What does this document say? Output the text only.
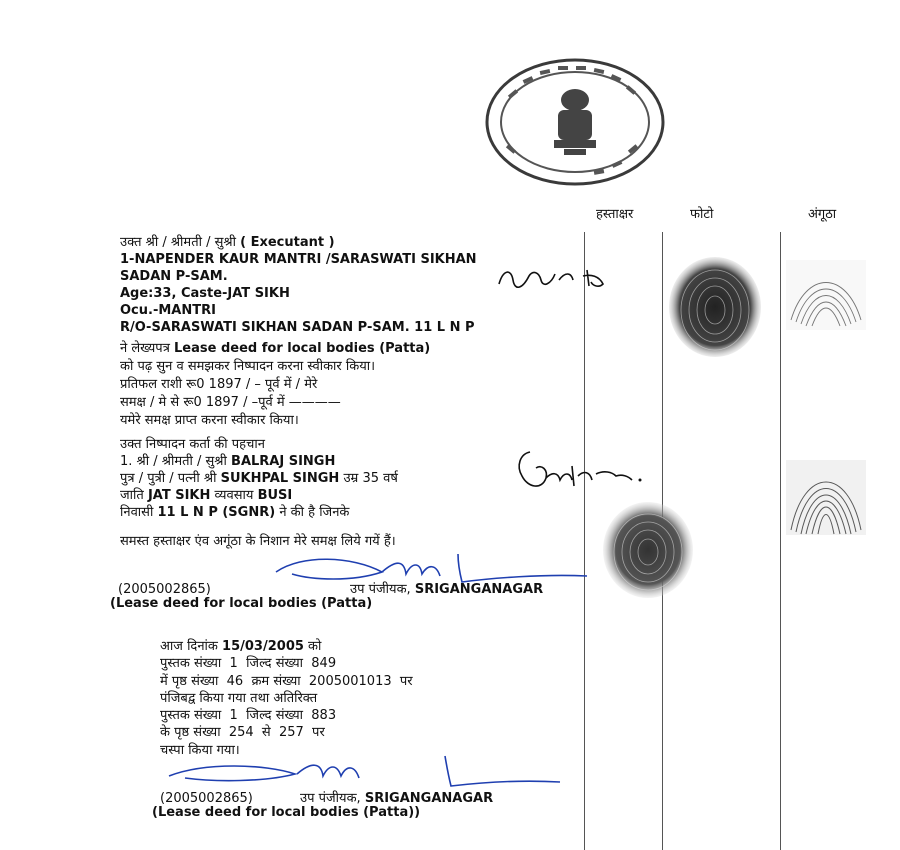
हस्ताक्षर	फोटो	अंगूठा
उक्त श्री / श्रीमती / सुश्री ( Executant )
1-NAPENDER KAUR MANTRI /SARASWATI SIKHAN
SADAN P-SAM.
Age:33, Caste-JAT SIKH
Ocu.-MANTRI
R/O-SARASWATI SIKHAN SADAN P-SAM. 11 L N P
ने लेख्यपत्र Lease deed for local bodies (Patta)
को पढ़ सुन व समझकर निष्पादन करना स्वीकार किया।
प्रतिफल राशी रू0 1897 / – पूर्व में / मेरे
समक्ष / मे से रू0 1897 / –पूर्व में ————
यमेरे समक्ष प्राप्त करना स्वीकार किया।
उक्त निष्पादन कर्ता की पहचान
1. श्री / श्रीमती / सुश्री BALRAJ SINGH
पुत्र / पुत्री / पत्नी श्री SUKHPAL SINGH उम्र 35 वर्ष
जाति JAT SIKH व्यवसाय BUSI
निवासी 11 L N P (SGNR) ने की है जिनके
समस्त हस्ताक्षर एंव अगूंठा के निशान मेरे समक्ष लिये गयें हैं।
(2005002865)	उप पंजीयक, SRIGANGANAGAR
(Lease deed for local bodies (Patta)
आज दिनांक 15/03/2005 को
पुस्तक संख्या  1  जिल्द संख्या  849
में पृष्ठ संख्या  46  क्रम संख्या  2005001013  पर
पंजिबद्व किया गया तथा अतिरिक्त
पुस्तक संख्या  1  जिल्द संख्या  883
के पृष्ठ संख्या  254  से  257  पर
चस्पा किया गया।
(2005002865)	उप पंजीयक, SRIGANGANAGAR
(Lease deed for local bodies (Patta))
